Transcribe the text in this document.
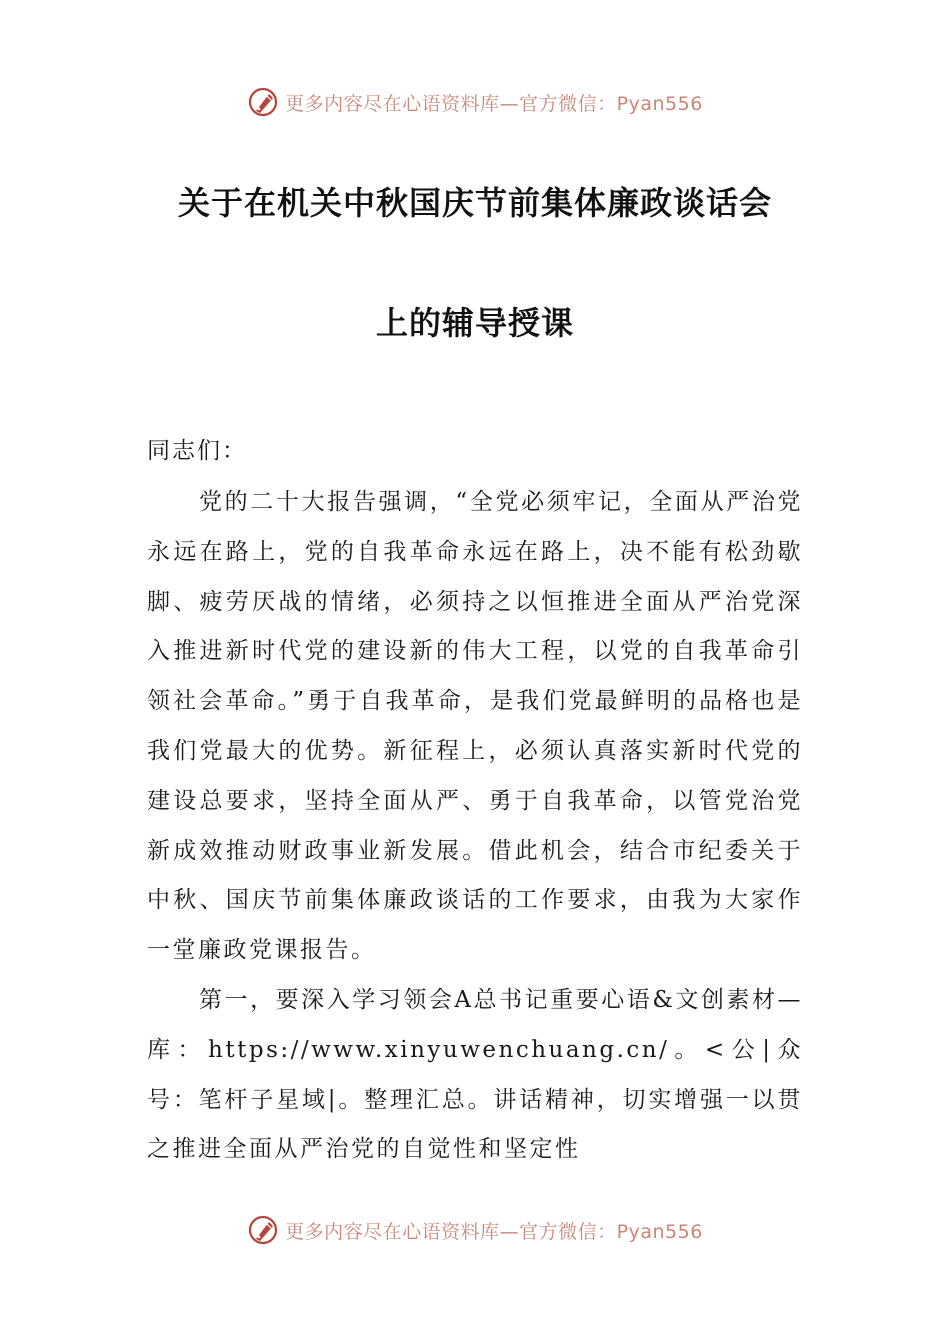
更多内容尽在心语资料库—官方微信：Pyan556
关于在机关中秋国庆节前集体廉政谈话会
上的辅导授课
同志们：

党的二十大报告强调，“全党必须牢记，全面从严治党永远在路上，党的自我革命永远在路上，决不能有松劲歇脚、疲劳厌战的情绪，必须持之以恒推进全面从严治党深入推进新时代党的建设新的伟大工程，以党的自我革命引领社会革命。”勇于自我革命，是我们党最鲜明的品格也是我们党最大的优势。新征程上，必须认真落实新时代党的建设总要求，坚持全面从严、勇于自我革命，以管党治党新成效推动财政事业新发展。借此机会，结合市纪委关于中秋、国庆节前集体廉政谈话的工作要求，由我为大家作一堂廉政党课报告。

第一，要深入学习领会A总书记重要心语&文创素材—库：https://www.xinyuwenchuang.cn/。<公|众号：笔杆子星域|。整理汇总。讲话精神，切实增强一以贯之推进全面从严治党的自觉性和坚定性

更多内容尽在心语资料库—官方微信：Pyan556
